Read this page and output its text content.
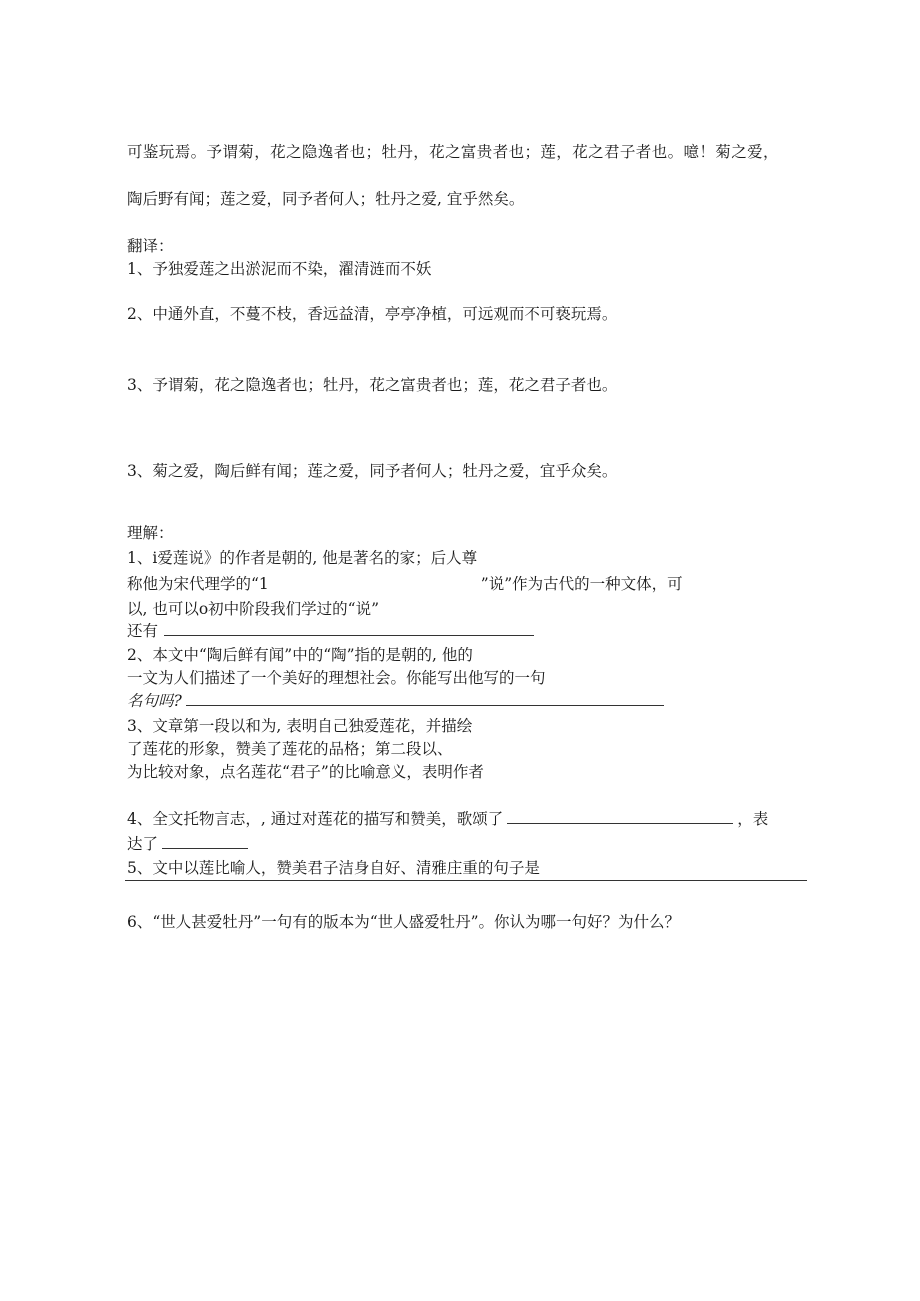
可鉴玩焉。予谓菊，花之隐逸者也；牡丹，花之富贵者也；莲，花之君子者也。噫！菊之爱，
陶后野有闻；莲之爱，同予者何人；牡丹之爱, 宜乎然矣。
翻译：
1、予独爱莲之出淤泥而不染，濯清涟而不妖
2、中通外直，不蔓不枝，香远益清，亭亭净植，可远观而不可亵玩焉。
3、予谓菊，花之隐逸者也；牡丹，花之富贵者也；莲，花之君子者也。
3、菊之爱，陶后鲜有闻；莲之爱，同予者何人；牡丹之爱，宜乎众矣。
理解：
1、i爱莲说》的作者是朝的, 他是著名的家；后人尊
称他为宋代理学的“1	”说”作为古代的一种文体，可
以, 也可以o初中阶段我们学过的“说”
还有
2、本文中“陶后鲜有闻”中的“陶”指的是朝的, 他的
一文为人们描述了一个美好的理想社会。你能写出他写的一句
名句吗?
3、文章第一段以和为, 表明自己独爱莲花，并描绘
了莲花的形象，赞美了莲花的品格；第二段以、
为比较对象，点名莲花“君子”的比喻意义，表明作者
4、全文托物言志，, 通过对莲花的描写和赞美，歌颂了	，表
达了
5、文中以莲比喻人，赞美君子洁身自好、清雅庄重的句子是
6、“世人甚爱牡丹”一句有的版本为“世人盛爱牡丹”。你认为哪一句好？为什么？
